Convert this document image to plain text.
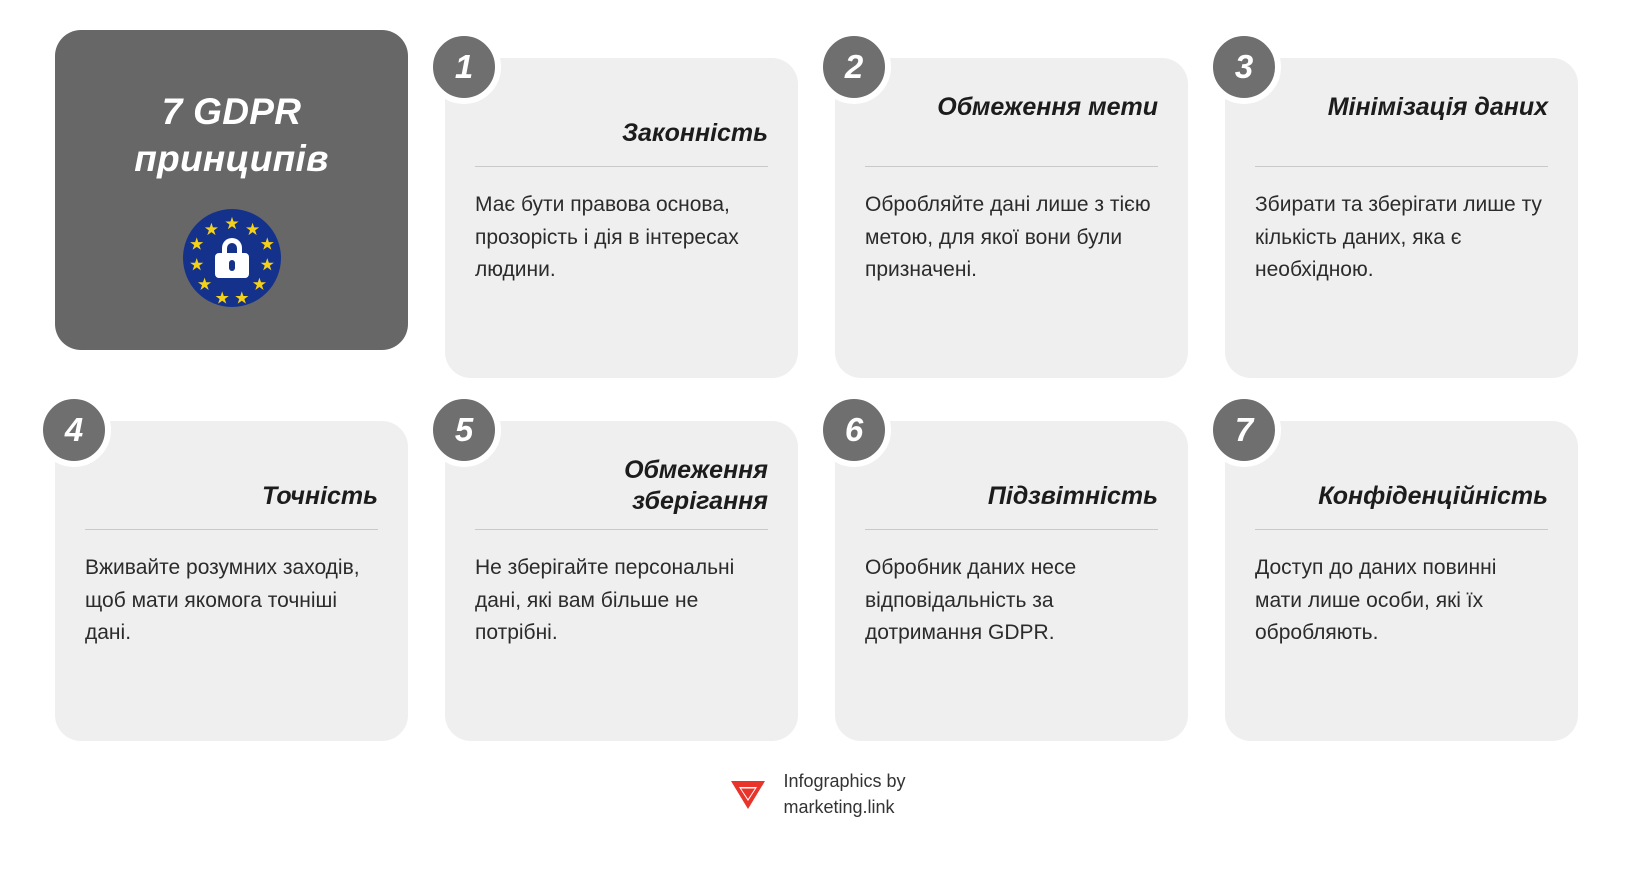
7 GDPR
принципів
1
Законність
Має бути правова основа, прозорість і дія в інтересах людини.
2
Обмеження мети
Обробляйте дані лише з тією метою, для якої вони були призначені.
3
Мінімізація даних
Збирати та зберігати лише ту кількість даних, яка є необхідною.
4
Точність
Вживайте розумних заходів, щоб мати якомога точніші дані.
5
Обмеження зберігання
Не зберігайте персональні дані, які вам більше не потрібні.
6
Підзвітність
Обробник даних несе відповідальність за дотримання GDPR.
7
Конфіденційність
Доступ до даних повинні мати лише особи, які їх обробляють.
Infographics by
marketing.link
